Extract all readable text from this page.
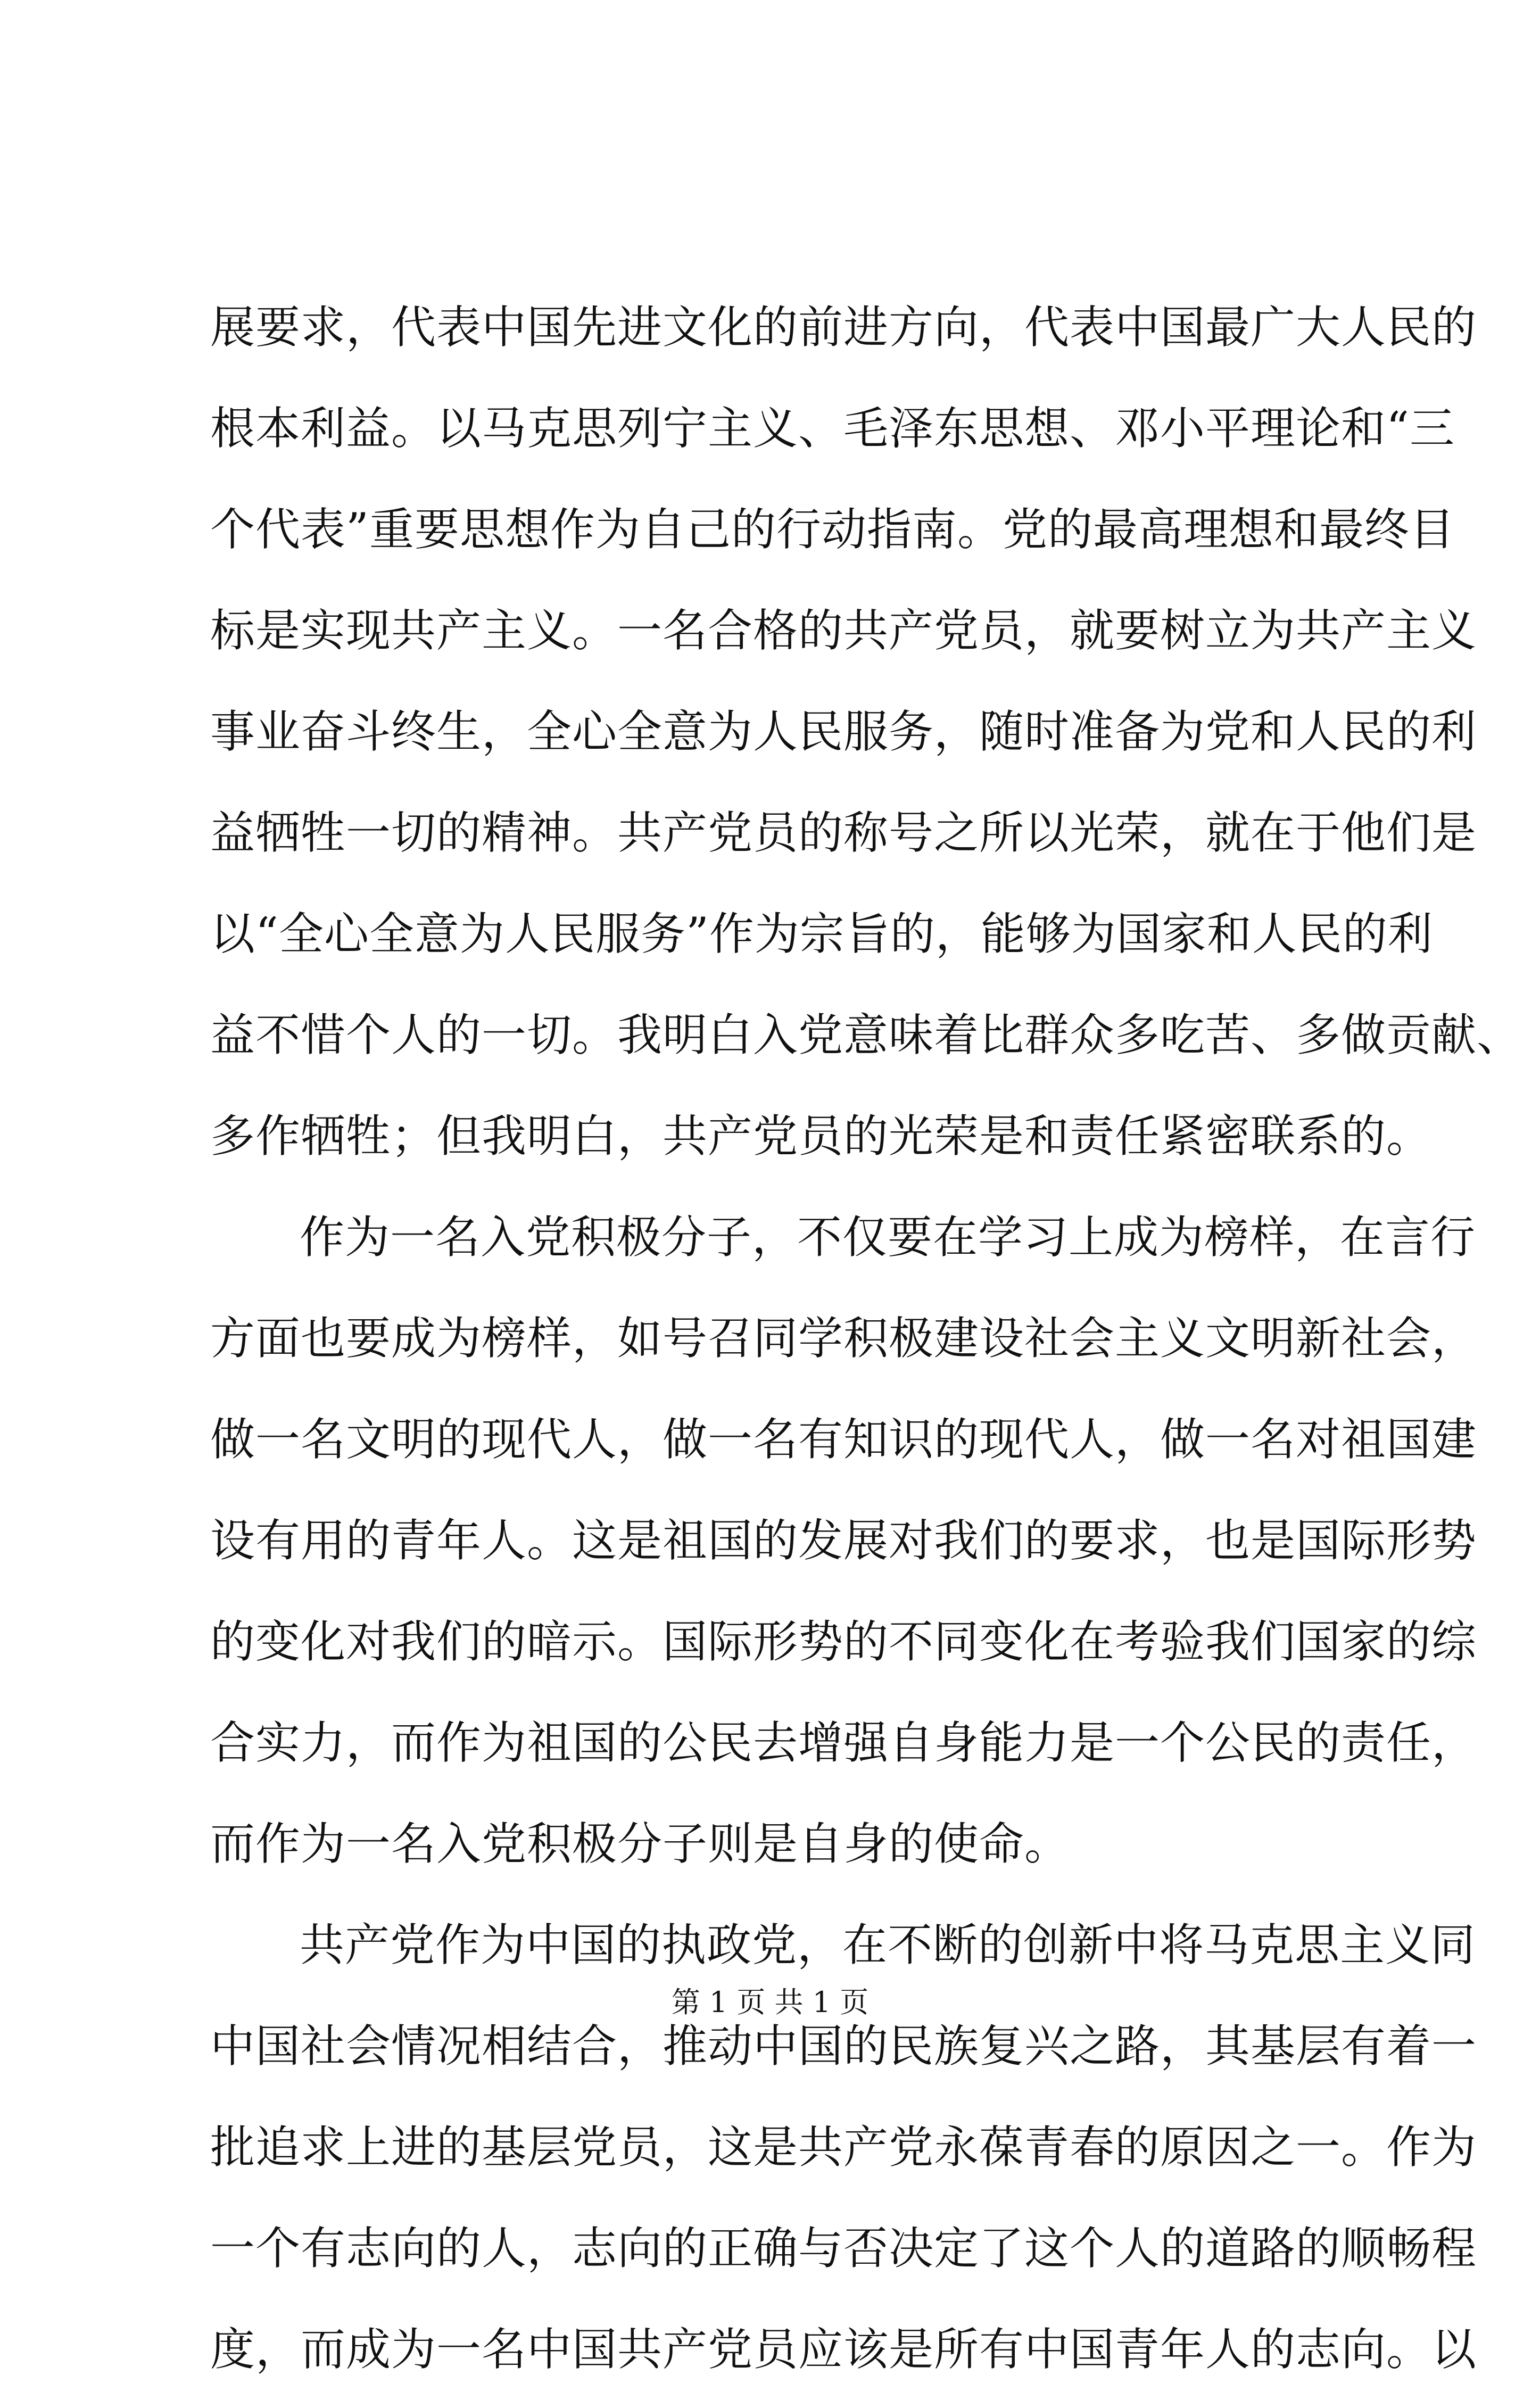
展要求，代表中国先进文化的前进方向，代表中国最广大人民的
根本利益。以马克思列宁主义、毛泽东思想、邓小平理论和“三
个代表”重要思想作为自己的行动指南。党的最高理想和最终目
标是实现共产主义。一名合格的共产党员，就要树立为共产主义
事业奋斗终生，全心全意为人民服务，随时准备为党和人民的利
益牺牲一切的精神。共产党员的称号之所以光荣，就在于他们是
以“全心全意为人民服务”作为宗旨的，能够为国家和人民的利
益不惜个人的一切。我明白入党意味着比群众多吃苦、多做贡献、
多作牺牲；但我明白，共产党员的光荣是和责任紧密联系的。
作为一名入党积极分子，不仅要在学习上成为榜样，在言行
方面也要成为榜样，如号召同学积极建设社会主义文明新社会，
做一名文明的现代人，做一名有知识的现代人，做一名对祖国建
设有用的青年人。这是祖国的发展对我们的要求，也是国际形势
的变化对我们的暗示。国际形势的不同变化在考验我们国家的综
合实力，而作为祖国的公民去增强自身能力是一个公民的责任，
而作为一名入党积极分子则是自身的使命。
共产党作为中国的执政党，在不断的创新中将马克思主义同
中国社会情况相结合，推动中国的民族复兴之路，其基层有着一
批追求上进的基层党员，这是共产党永葆青春的原因之一。作为
一个有志向的人，志向的正确与否决定了这个人的道路的顺畅程
度，而成为一名中国共产党员应该是所有中国青年人的志向。以
第 1 页 共 1 页
